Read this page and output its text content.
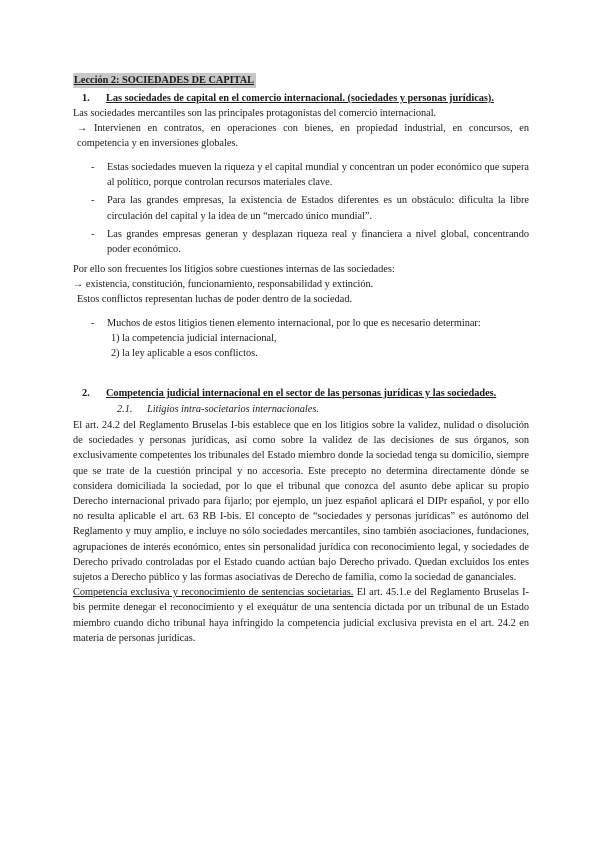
Lección 2: SOCIEDADES DE CAPITAL

1. Las sociedades de capital en el comercio internacional. (sociedades y personas jurídicas).

Las sociedades mercantiles son las principales protagonistas del comercio internacional.
→ Intervienen en contratos, en operaciones con bienes, en propiedad industrial, en concursos, en competencia y en inversiones globales.
- Estas sociedades mueven la riqueza y el capital mundial y concentran un poder económico que supera al político, porque controlan recursos materiales clave.
- Para las grandes empresas, la existencia de Estados diferentes es un obstáculo: dificulta la libre circulación del capital y la idea de un “mercado único mundial”.
- Las grandes empresas generan y desplazan riqueza real y financiera a nivel global, concentrando poder económico.
Por ello son frecuentes los litigios sobre cuestiones internas de las sociedades:
→ existencia, constitución, funcionamiento, responsabilidad y extinción.
Estos conflictos representan luchas de poder dentro de la sociedad.
- Muchos de estos litigios tienen elemento internacional, por lo que es necesario determinar:
1) la competencia judicial internacional,
2) la ley aplicable a esos conflictos.

2. Competencia judicial internacional en el sector de las personas jurídicas y las sociedades.

2.1. Litigios intra-societarios internacionales.

El art. 24.2 del Reglamento Bruselas I-bis establece que en los litigios sobre la validez, nulidad o disolución de sociedades y personas jurídicas, así como sobre la validez de las decisiones de sus órganos, son exclusivamente competentes los tribunales del Estado miembro donde la sociedad tenga su domicilio, siempre que se trate de la cuestión principal y no accesoria. Este precepto no determina directamente dónde se considera domiciliada la sociedad, por lo que el tribunal que conozca del asunto debe aplicar su propio Derecho internacional privado para fijarlo; por ejemplo, un juez español aplicará el DIPr español, y por ello no resulta aplicable el art. 63 RB I-bis. El concepto de “sociedades y personas jurídicas” es autónomo del Reglamento y muy amplio, e incluye no sólo sociedades mercantiles, sino también asociaciones, fundaciones, agrupaciones de interés económico, entes sin personalidad jurídica con reconocimiento legal, y sociedades de Derecho privado controladas por el Estado cuando actúan bajo Derecho privado. Quedan excluidos los entes sujetos a Derecho público y las formas asociativas de Derecho de familia, como la sociedad de gananciales.
Competencia exclusiva y reconocimiento de sentencias societarias. El art. 45.1.e del Reglamento Bruselas I-bis permite denegar el reconocimiento y el exequátur de una sentencia dictada por un tribunal de un Estado miembro cuando dicho tribunal haya infringido la competencia judicial exclusiva prevista en el art. 24.2 en materia de personas jurídicas.
